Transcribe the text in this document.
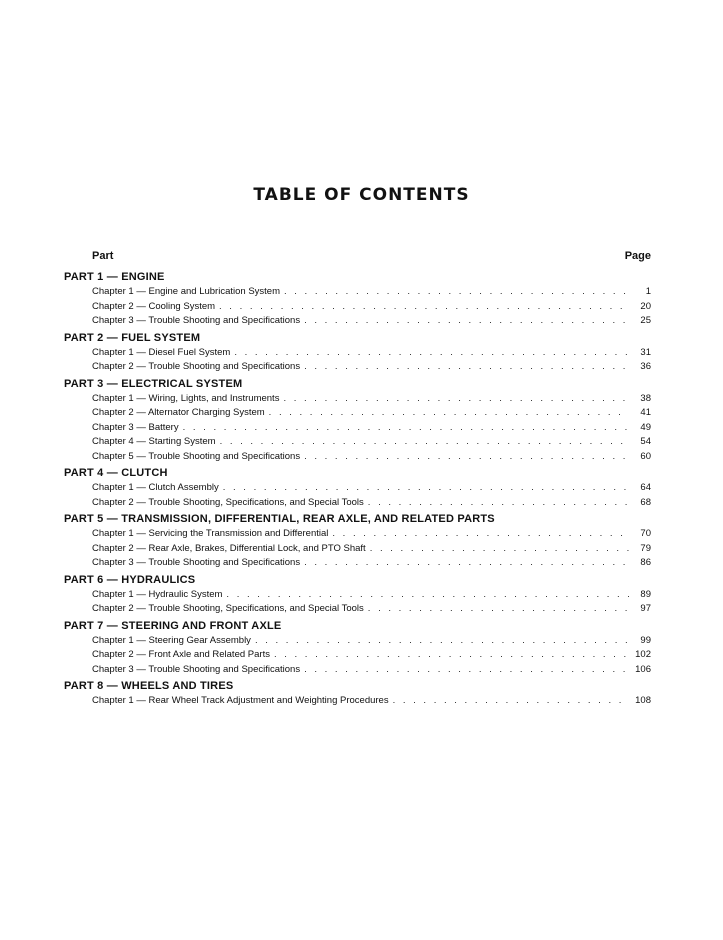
TABLE OF CONTENTS
Part	Page
PART 1 — ENGINE
Chapter 1 — Engine and Lubrication System . . .	1
Chapter 2 — Cooling System . . .	20
Chapter 3 — Trouble Shooting and Specifications . . .	25
PART 2 — FUEL SYSTEM
Chapter 1 — Diesel Fuel System . . .	31
Chapter 2 — Trouble Shooting and Specifications . . .	36
PART 3 — ELECTRICAL SYSTEM
Chapter 1 — Wiring, Lights, and Instruments . . .	38
Chapter 2 — Alternator Charging System . . .	41
Chapter 3 — Battery . . .	49
Chapter 4 — Starting System . . .	54
Chapter 5 — Trouble Shooting and Specifications . . .	60
PART 4 — CLUTCH
Chapter 1 — Clutch Assembly . . .	64
Chapter 2 — Trouble Shooting, Specifications, and Special Tools . . .	68
PART 5 — TRANSMISSION, DIFFERENTIAL, REAR AXLE, AND RELATED PARTS
Chapter 1 — Servicing the Transmission and Differential . . .	70
Chapter 2 — Rear Axle, Brakes, Differential Lock, and PTO Shaft . . .	79
Chapter 3 — Trouble Shooting and Specifications . . .	86
PART 6 — HYDRAULICS
Chapter 1 — Hydraulic System . . .	89
Chapter 2 — Trouble Shooting, Specifications, and Special Tools . . .	97
PART 7 — STEERING AND FRONT AXLE
Chapter 1 — Steering Gear Assembly . . .	99
Chapter 2 — Front Axle and Related Parts . . .	102
Chapter 3 — Trouble Shooting and Specifications . . .	106
PART 8 — WHEELS AND TIRES
Chapter 1 — Rear Wheel Track Adjustment and Weighting Procedures . . .	108
